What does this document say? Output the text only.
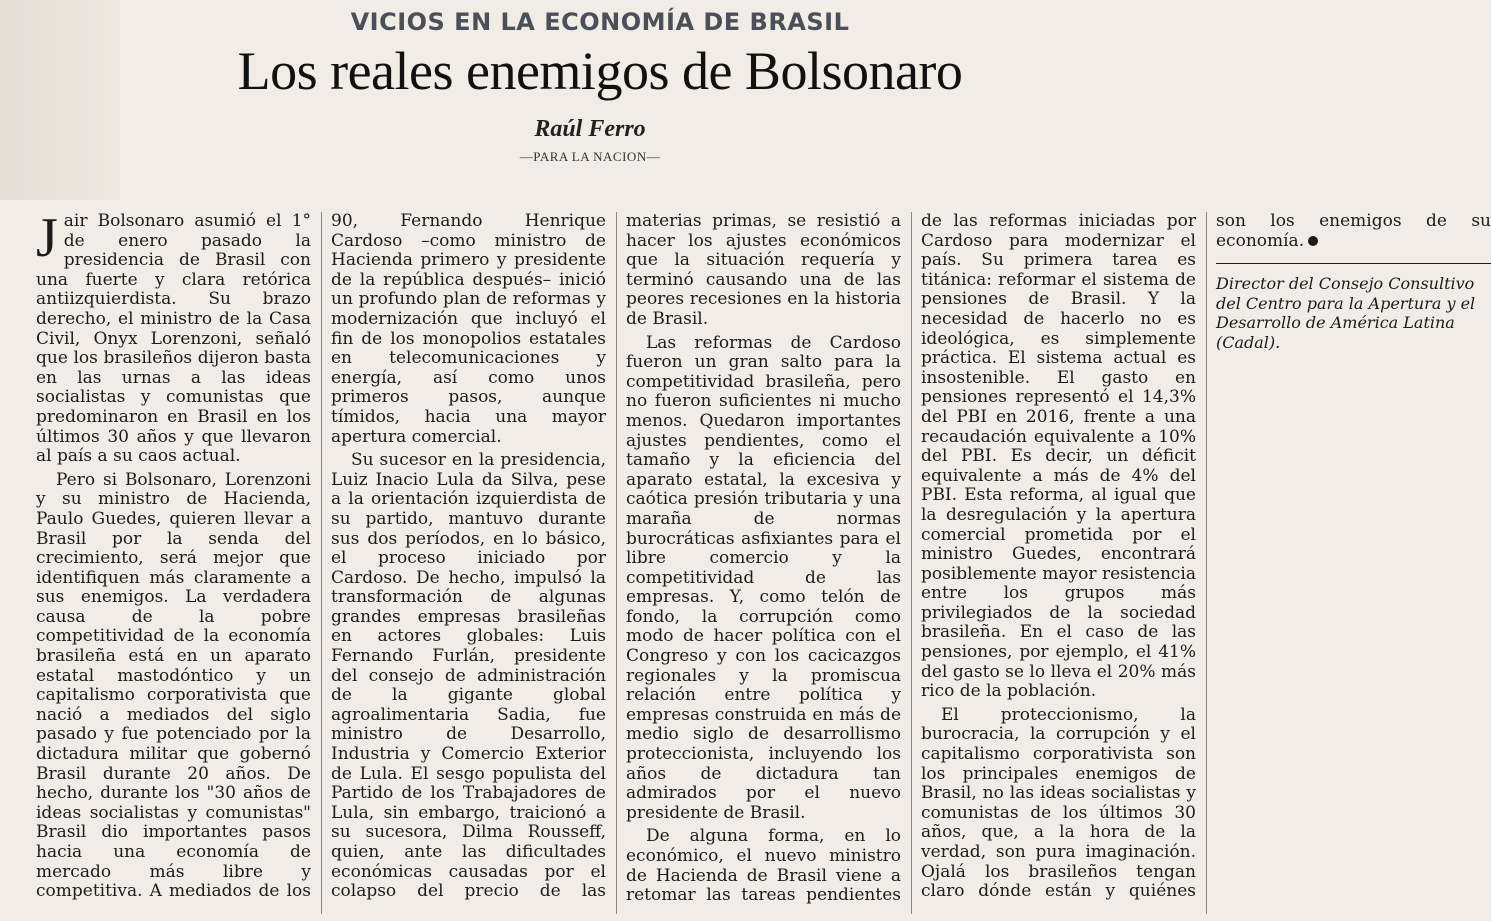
VICIOS EN LA ECONOMÍA DE BRASIL
Los reales enemigos de Bolsonaro
Raúl Ferro
—PARA LA NACION—

Jair Bolsonaro asumió el 1° de enero pasado la presidencia de Brasil con una fuerte y clara retórica antiizquierdista. Su brazo derecho, el ministro de la Casa Civil, Onyx Lorenzoni, señaló que los brasileños dijeron basta en las urnas a las ideas socialistas y comunistas que predominaron en Brasil en los últimos 30 años y que llevaron al país a su caos actual.

Pero si Bolsonaro, Lorenzoni y su ministro de Hacienda, Paulo Guedes, quieren llevar a Brasil por la senda del crecimiento, será mejor que identifiquen más claramente a sus enemigos. La verdadera causa de la pobre competitividad de la economía brasileña está en un aparato estatal mastodóntico y un capitalismo corporativista que nació a mediados del siglo pasado y fue potenciado por la dictadura militar que gobernó Brasil durante 20 años. De hecho, durante los "30 años de ideas socialistas y comunistas" Brasil dio importantes pasos hacia una economía de mercado más libre y competitiva. A mediados de los 90, Fernando Henrique Cardoso –como ministro de Hacienda primero y presidente de la república después– inició un profundo plan de reformas y modernización que incluyó el fin de los monopolios estatales en telecomunicaciones y energía, así como unos primeros pasos, aunque tímidos, hacia una mayor apertura comercial.

Su sucesor en la presidencia, Luiz Inacio Lula da Silva, pese a la orientación izquierdista de su partido, mantuvo durante sus dos períodos, en lo básico, el proceso iniciado por Cardoso. De hecho, impulsó la transformación de algunas grandes empresas brasileñas en actores globales: Luis Fernando Furlán, presidente del consejo de administración de la gigante global agroalimentaria Sadia, fue ministro de Desarrollo, Industria y Comercio Exterior de Lula. El sesgo populista del Partido de los Trabajadores de Lula, sin embargo, traicionó a su sucesora, Dilma Rousseff, quien, ante las dificultades económicas causadas por el colapso del precio de las materias primas, se resistió a hacer los ajustes económicos que la situación requería y terminó causando una de las peores recesiones en la historia de Brasil.

Las reformas de Cardoso fueron un gran salto para la competitividad brasileña, pero no fueron suficientes ni mucho menos. Quedaron importantes ajustes pendientes, como el tamaño y la eficiencia del aparato estatal, la excesiva y caótica presión tributaria y una maraña de normas burocráticas asfixiantes para el libre comercio y la competitividad de las empresas. Y, como telón de fondo, la corrupción como modo de hacer política con el Congreso y con los cacicazgos regionales y la promiscua relación entre política y empresas construida en más de medio siglo de desarrollismo proteccionista, incluyendo los años de dictadura tan admirados por el nuevo presidente de Brasil.

De alguna forma, en lo económico, el nuevo ministro de Hacienda de Brasil viene a retomar las tareas pendientes de las reformas iniciadas por Cardoso para modernizar el país. Su primera tarea es titánica: reformar el sistema de pensiones de Brasil. Y la necesidad de hacerlo no es ideológica, es simplemente práctica. El sistema actual es insostenible. El gasto en pensiones representó el 14,3% del PBI en 2016, frente a una recaudación equivalente a 10% del PBI. Es decir, un déficit equivalente a más de 4% del PBI. Esta reforma, al igual que la desregulación y la apertura comercial prometida por el ministro Guedes, encontrará posiblemente mayor resistencia entre los grupos más privilegiados de la sociedad brasileña. En el caso de las pensiones, por ejemplo, el 41% del gasto se lo lleva el 20% más rico de la población.

El proteccionismo, la burocracia, la corrupción y el capitalismo corporativista son los principales enemigos de Brasil, no las ideas socialistas y comunistas de los últimos 30 años, que, a la hora de la verdad, son pura imaginación. Ojalá los brasileños tengan claro dónde están y quiénes son los enemigos de su economía.

Director del Consejo Consultivo del Centro para la Apertura y el Desarrollo de América Latina (Cadal).
